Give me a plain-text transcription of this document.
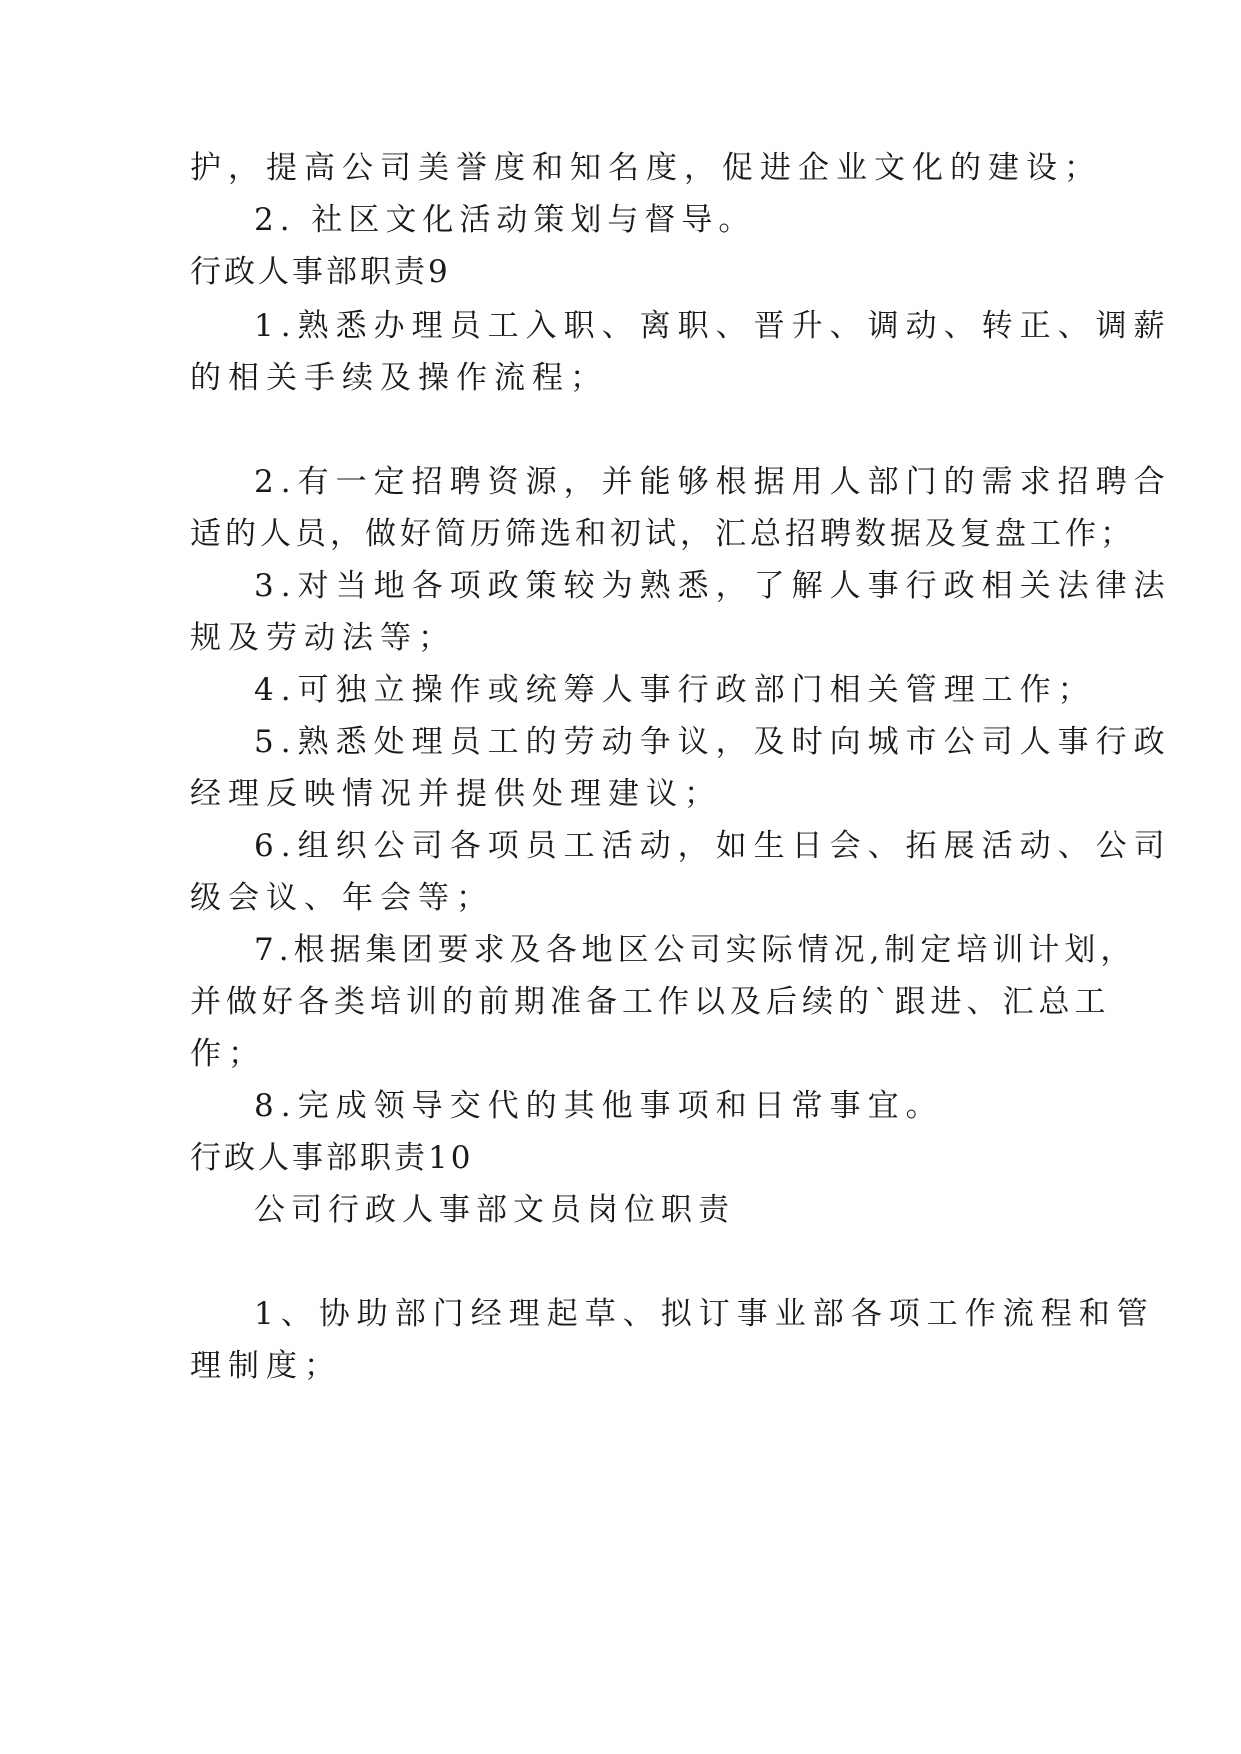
护，提高公司美誉度和知名度，促进企业文化的建设；
2. 社区文化活动策划与督导。
行政人事部职责9
1.熟悉办理员工入职、离职、晋升、调动、转正、调薪
的相关手续及操作流程；
2.有一定招聘资源，并能够根据用人部门的需求招聘合
适的人员，做好简历筛选和初试，汇总招聘数据及复盘工作；
3.对当地各项政策较为熟悉，了解人事行政相关法律法
规及劳动法等；
4.可独立操作或统筹人事行政部门相关管理工作；
5.熟悉处理员工的劳动争议，及时向城市公司人事行政
经理反映情况并提供处理建议；
6.组织公司各项员工活动，如生日会、拓展活动、公司
级会议、年会等；
7.根据集团要求及各地区公司实际情况,制定培训计划，
并做好各类培训的前期准备工作以及后续的`跟进、汇总工
作；
8.完成领导交代的其他事项和日常事宜。
行政人事部职责10
公司行政人事部文员岗位职责
1、协助部门经理起草、拟订事业部各项工作流程和管
理制度；
